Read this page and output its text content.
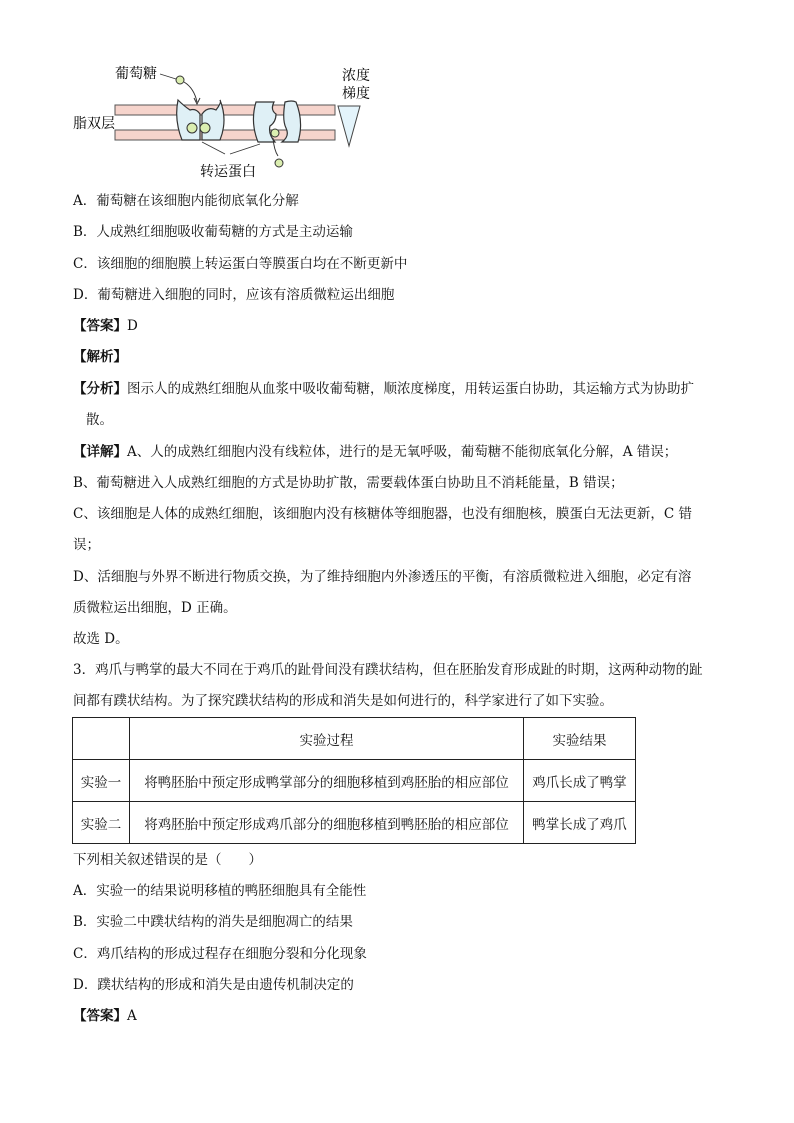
葡萄糖
脂双层
浓度
梯度
转运蛋白
A．葡萄糖在该细胞内能彻底氧化分解
B．人成熟红细胞吸收葡萄糖的方式是主动运输
C．该细胞的细胞膜上转运蛋白等膜蛋白均在不断更新中
D．葡萄糖进入细胞的同时，应该有溶质微粒运出细胞
【答案】D
【解析】
【分析】图示人的成熟红细胞从血浆中吸收葡萄糖，顺浓度梯度，用转运蛋白协助，其运输方式为协助扩
散。
【详解】A、人的成熟红细胞内没有线粒体，进行的是无氧呼吸，葡萄糖不能彻底氧化分解，A 错误；
B、葡萄糖进入人成熟红细胞的方式是协助扩散，需要载体蛋白协助且不消耗能量，B 错误；
C、该细胞是人体的成熟红细胞，该细胞内没有核糖体等细胞器，也没有细胞核，膜蛋白无法更新，C 错
误；
D、活细胞与外界不断进行物质交换，为了维持细胞内外渗透压的平衡，有溶质微粒进入细胞，必定有溶
质微粒运出细胞，D 正确。
故选 D。
3．鸡爪与鸭掌的最大不同在于鸡爪的趾骨间没有蹼状结构，但在胚胎发育形成趾的时期，这两种动物的趾
间都有蹼状结构。为了探究蹼状结构的形成和消失是如何进行的，科学家进行了如下实验。
	实验过程	实验结果
实验一	将鸭胚胎中预定形成鸭掌部分的细胞移植到鸡胚胎的相应部位	鸡爪长成了鸭掌
实验二	将鸡胚胎中预定形成鸡爪部分的细胞移植到鸭胚胎的相应部位	鸭掌长成了鸡爪
下列相关叙述错误的是（　　）
A．实验一的结果说明移植的鸭胚细胞具有全能性
B．实验二中蹼状结构的消失是细胞凋亡的结果
C．鸡爪结构的形成过程存在细胞分裂和分化现象
D．蹼状结构的形成和消失是由遗传机制决定的
【答案】A
